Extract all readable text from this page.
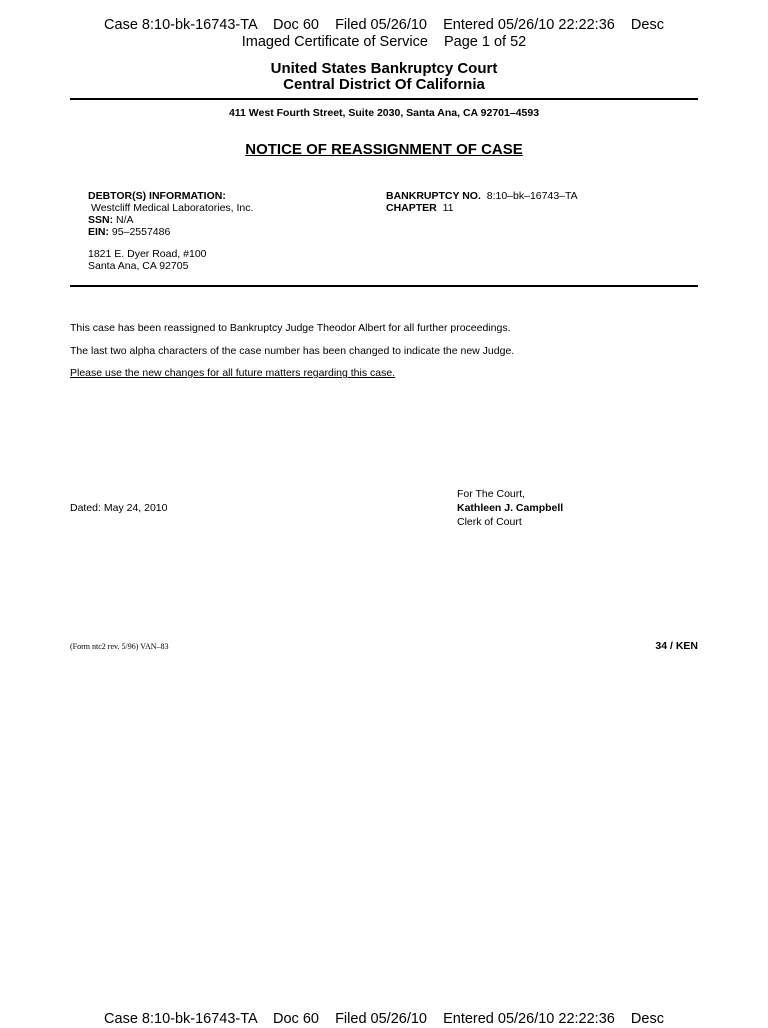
Case 8:10-bk-16743-TA    Doc 60    Filed 05/26/10    Entered 05/26/10 22:22:36    Desc
Imaged Certificate of Service    Page 1 of 52
United States Bankruptcy Court
Central District Of California
411 West Fourth Street, Suite 2030, Santa Ana, CA 92701–4593
NOTICE OF REASSIGNMENT OF CASE
DEBTOR(S) INFORMATION:
Westcliff Medical Laboratories, Inc.
SSN: N/A
EIN: 95–2557486
1821 E. Dyer Road, #100
Santa Ana, CA 92705
BANKRUPTCY NO. 8:10–bk–16743–TA
CHAPTER 11
This case has been reassigned to Bankruptcy Judge Theodor Albert for all further proceedings.
The last two alpha characters of the case number has been changed to indicate the new Judge.
Please use the new changes for all future matters regarding this case.
Dated: May 24, 2010
For The Court,
Kathleen J. Campbell
Clerk of Court
(Form ntc2 rev. 5/96) VAN–83	34 / KEN
Case 8:10-bk-16743-TA    Doc 60    Filed 05/26/10    Entered 05/26/10 22:22:36    Desc
